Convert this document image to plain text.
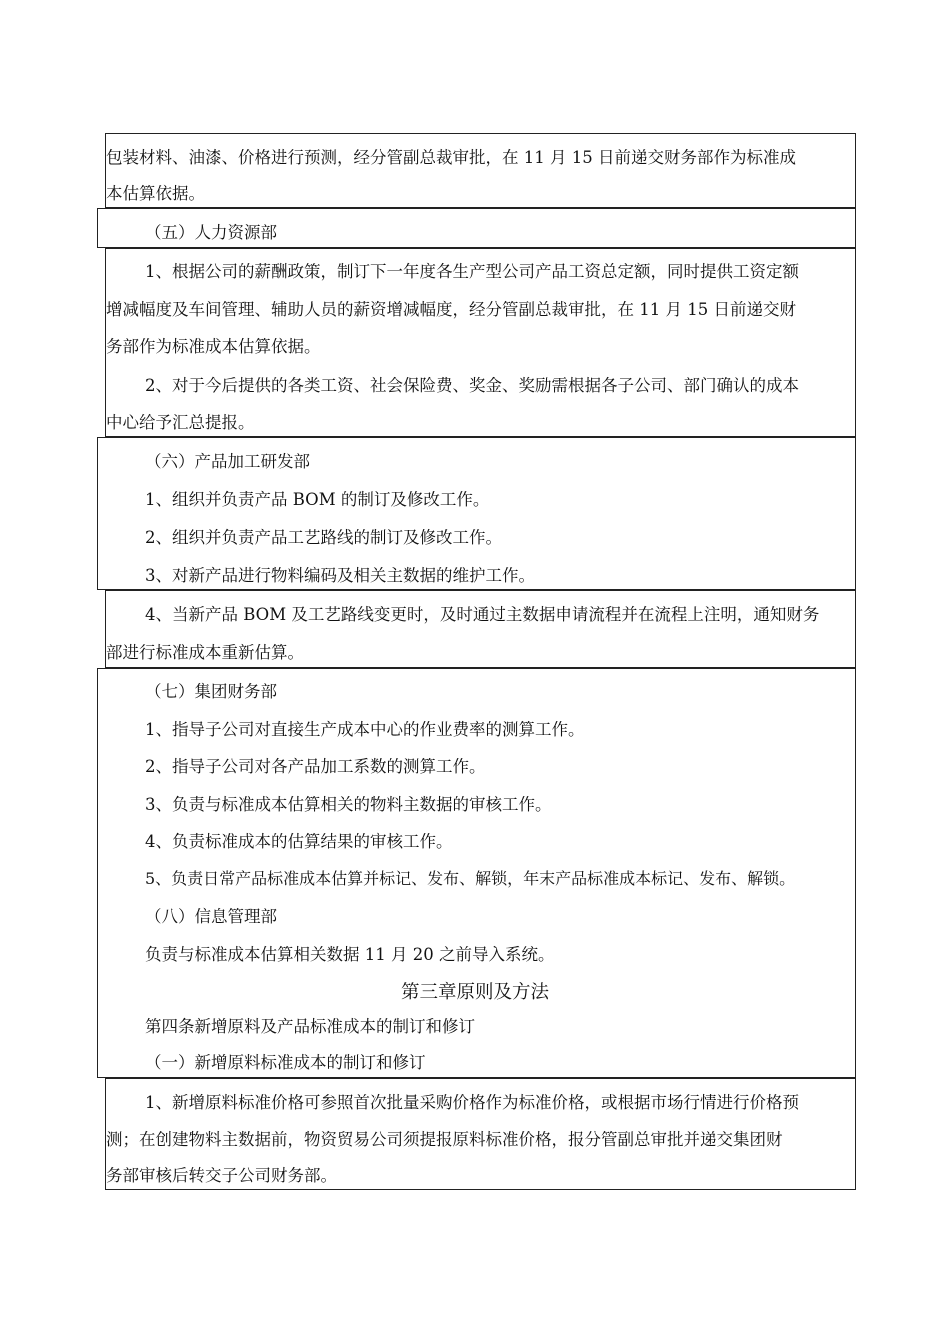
包装材料、油漆、价格进行预测，经分管副总裁审批，在 11 月 15 日前递交财务部作为标准成
本估算依据。
（五）人力资源部
1、根据公司的薪酬政策，制订下一年度各生产型公司产品工资总定额，同时提供工资定额
增减幅度及车间管理、辅助人员的薪资增减幅度，经分管副总裁审批，在 11 月 15 日前递交财
务部作为标准成本估算依据。
2、对于今后提供的各类工资、社会保险费、奖金、奖励需根据各子公司、部门确认的成本
中心给予汇总提报。
（六）产品加工研发部
1、组织并负责产品 BOM 的制订及修改工作。
2、组织并负责产品工艺路线的制订及修改工作。
3、对新产品进行物料编码及相关主数据的维护工作。
4、当新产品 BOM 及工艺路线变更时，及时通过主数据申请流程并在流程上注明，通知财务
部进行标准成本重新估算。
（七）集团财务部
1、指导子公司对直接生产成本中心的作业费率的测算工作。
2、指导子公司对各产品加工系数的测算工作。
3、负责与标准成本估算相关的物料主数据的审核工作。
4、负责标准成本的估算结果的审核工作。
5、负责日常产品标准成本估算并标记、发布、解锁，年末产品标准成本标记、发布、解锁。
（八）信息管理部
负责与标准成本估算相关数据 11 月 20 之前导入系统。
第三章原则及方法
第四条新增原料及产品标准成本的制订和修订
（一）新增原料标准成本的制订和修订
1、新增原料标准价格可参照首次批量采购价格作为标准价格，或根据市场行情进行价格预
测；在创建物料主数据前，物资贸易公司须提报原料标准价格，报分管副总审批并递交集团财
务部审核后转交子公司财务部。
